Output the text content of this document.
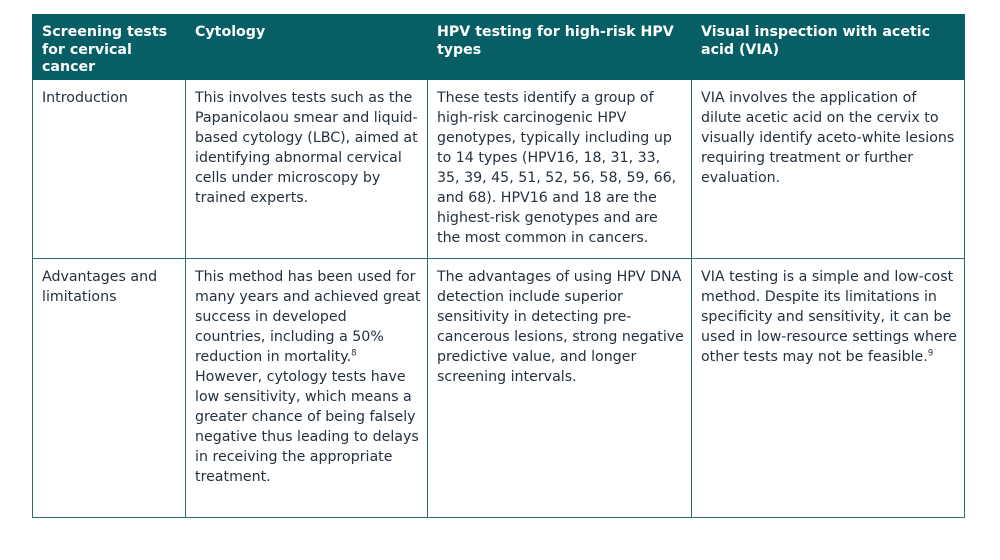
Screening tests for cervical cancer	Cytology	HPV testing for high-risk HPV types	Visual inspection with acetic acid (VIA)
Introduction	This involves tests such as the Papanicolaou smear and liquid-based cytology (LBC), aimed at identifying abnormal cervical cells under microscopy by trained experts.	These tests identify a group of high-risk carcinogenic HPV genotypes, typically including up to 14 types (HPV16, 18, 31, 33, 35, 39, 45, 51, 52, 56, 58, 59, 66, and 68). HPV16 and 18 are the highest-risk genotypes and are the most common in cancers.	VIA involves the application of dilute acetic acid on the cervix to visually identify aceto-white lesions requiring treatment or further evaluation.
Advantages and limitations	This method has been used for many years and achieved great success in developed countries, including a 50% reduction in mortality.$^8$ However, cytology tests have low sensitivity, which means a greater chance of being falsely negative thus leading to delays in receiving the appropriate treatment.	The advantages of using HPV DNA detection include superior sensitivity in detecting pre-cancerous lesions, strong negative predictive value, and longer screening intervals.	VIA testing is a simple and low-cost method. Despite its limitations in specificity and sensitivity, it can be used in low-resource settings where other tests may not be feasible.$^9$
